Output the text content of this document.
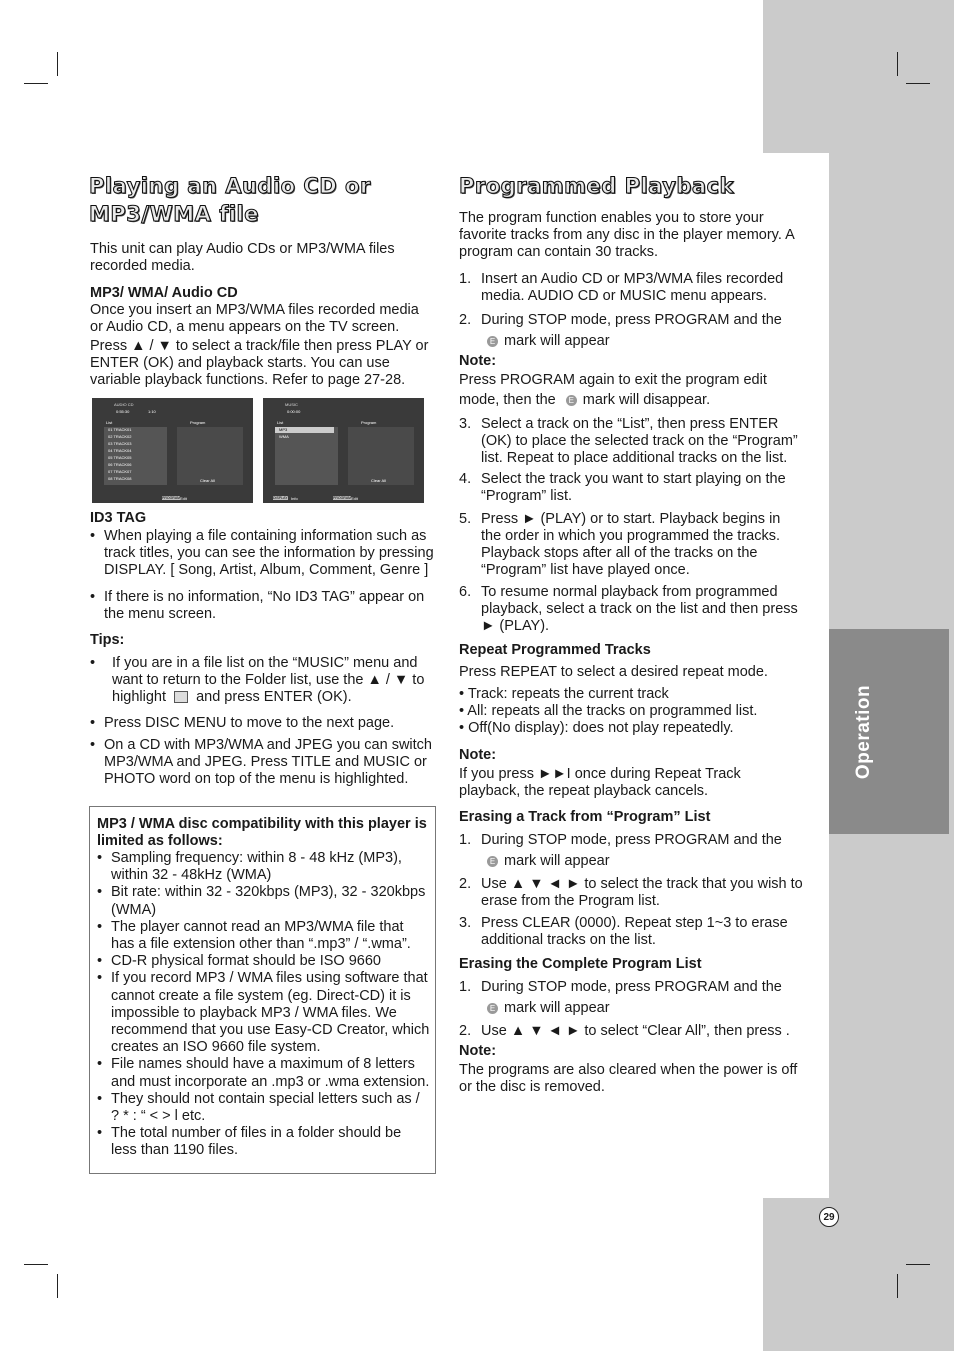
Operation
Playing an Audio CD or
MP3/WMA file

This unit can play Audio CDs or MP3/WMA files recorded media.

MP3/ WMA/ Audio CD

Once you insert an MP3/WMA files recorded media or Audio CD, a menu appears on the TV screen.

Press ▲ / ▼ to select a track/file then press PLAY or ENTER (OK) and playback starts. You can use variable playback functions. Refer to page 27-28.

AUDIO CD
0:55:30	1:10
List	Program
01 TRACK01
02 TRACK02
03 TRACK03
04 TRACK04
05 TRACK05
06 TRACK06
07 TRACK07
08 TRACK08	Clear All
PROGRAM Edit
MUSIC
0:00:00
List	Program
MP3
WMA
Clear All
DISPLAY Info	PROGRAM Edit

ID3 TAG

• When playing a file containing information such as track titles, you can see the information by pressing DISPLAY. [ Song, Artist, Album, Comment, Genre ]
• If there is no information, “No ID3 TAG” appear on the menu screen.

Tips:

• If you are in a file list on the “MUSIC” menu and want to return to the Folder list, use the ▲ / ▼ to highlight and press ENTER (OK).
• Press DISC MENU to move to the next page.
• On a CD with MP3/WMA and JPEG you can switch MP3/WMA and JPEG. Press TITLE and MUSIC or PHOTO word on top of the menu is highlighted.

MP3 / WMA disc compatibility with this player is limited as follows:

• Sampling frequency: within 8 - 48 kHz (MP3), within 32 - 48kHz (WMA)
• Bit rate: within 32 - 320kbps (MP3), 32 - 320kbps (WMA)
• The player cannot read an MP3/WMA file that has a file extension other than “.mp3” / “.wma”.
• CD-R physical format should be ISO 9660
• If you record MP3 / WMA files using software that cannot create a file system (eg. Direct-CD) it is impossible to playback MP3 / WMA files. We recommend that you use Easy-CD Creator, which creates an ISO 9660 file system.
• File names should have a maximum of 8 letters and must incorporate an .mp3 or .wma extension.
• They should not contain special letters such as / ? * : “ < > l etc.
• The total number of files in a folder should be less than 1190 files.
Programmed Playback

The program function enables you to store your favorite tracks from any disc in the player memory. A program can contain 30 tracks.

1. Insert an Audio CD or MP3/WMA files recorded media. AUDIO CD or MUSIC menu appears.
2. During STOP mode, press PROGRAM and the E mark will appear

Note:

Press PROGRAM again to exit the program edit mode, then the E mark will disappear.

3. Select a track on the “List”, then press ENTER (OK) to place the selected track on the “Program” list. Repeat to place additional tracks on the list.
4. Select the track you want to start playing on the “Program” list.
5. Press ► (PLAY) or to start. Playback begins in the order in which you programmed the tracks. Playback stops after all of the tracks on the “Program” list have played once.
6. To resume normal playback from programmed playback, select a track on the list and then press ► (PLAY).

Repeat Programmed Tracks

Press REPEAT to select a desired repeat mode.

• Track: repeats the current track

• All: repeats all the tracks on programmed list.

• Off(No display): does not play repeatedly.

Note:

If you press ►►I once during Repeat Track playback, the repeat playback cancels.

Erasing a Track from “Program” List

1. During STOP mode, press PROGRAM and the E mark will appear
2. Use ▲ ▼ ◄ ► to select the track that you wish to erase from the Program list.
3. Press CLEAR (0000). Repeat step 1~3 to erase additional tracks on the list.

Erasing the Complete Program List

1. During STOP mode, press PROGRAM and the E mark will appear
2. Use ▲ ▼ ◄ ► to select “Clear All”, then press .

Note:

The programs are also cleared when the power is off or the disc is removed.

29
